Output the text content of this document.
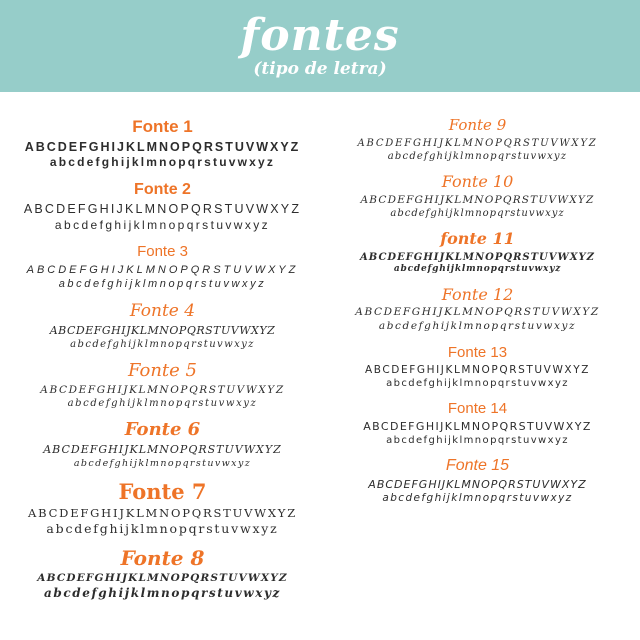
fontes
(tipo de letra)
Fonte 1
ABCDEFGHIJKLMNOPQRSTUVWXYZ
abcdefghijklmnopqrstuvwxyz
Fonte 2
ABCDEFGHIJKLMNOPQRSTUVWXYZ
abcdefghijklmnopqrstuvwxyz
Fonte 3
ABCDEFGHIJKLMNOPQRSTUVWXYZ
abcdefghijklmnopqrstuvwxyz
Fonte 4
ABCDEFGHIJKLMNOPQRSTUVWXYZ
abcdefghijklmnopqrstuvwxyz
Fonte 5
ABCDEFGHIJKLMNOPQRSTUVWXYZ
abcdefghijklmnopqrstuvwxyz
Fonte 6
ABCDEFGHIJKLMNOPQRSTUVWXYZ
abcdefghijklmnopqrstuvwxyz
Fonte 7
ABCDEFGHIJKLMNOPQRSTUVWXYZ
abcdefghijklmnopqrstuvwxyz
Fonte 8
ABCDEFGHIJKLMNOPQRSTUVWXYZ
abcdefghijklmnopqrstuvwxyz
Fonte 9
ABCDEFGHIJKLMNOPQRSTUVWXYZ
abcdefghijklmnopqrstuvwxyz
Fonte 10
ABCDEFGHIJKLMNOPQRSTUVWXYZ
abcdefghijklmnopqrstuvwxyz
fonte 11
ABCDEFGHIJKLMNOPQRSTUVWXYZ
abcdefghijklmnopqrstuvwxyz
Fonte 12
ABCDEFGHIJKLMNOPQRSTUVWXYZ
abcdefghijklmnopqrstuvwxyz
Fonte 13
ABCDEFGHIJKLMNOPQRSTUVWXYZ
abcdefghijklmnopqrstuvwxyz
Fonte 14
ABCDEFGHIJKLMNOPQRSTUVWXYZ
abcdefghijklmnopqrstuvwxyz
Fonte 15
ABCDEFGHIJKLMNOPQRSTUVWXYZ
abcdefghijklmnopqrstuvwxyz
